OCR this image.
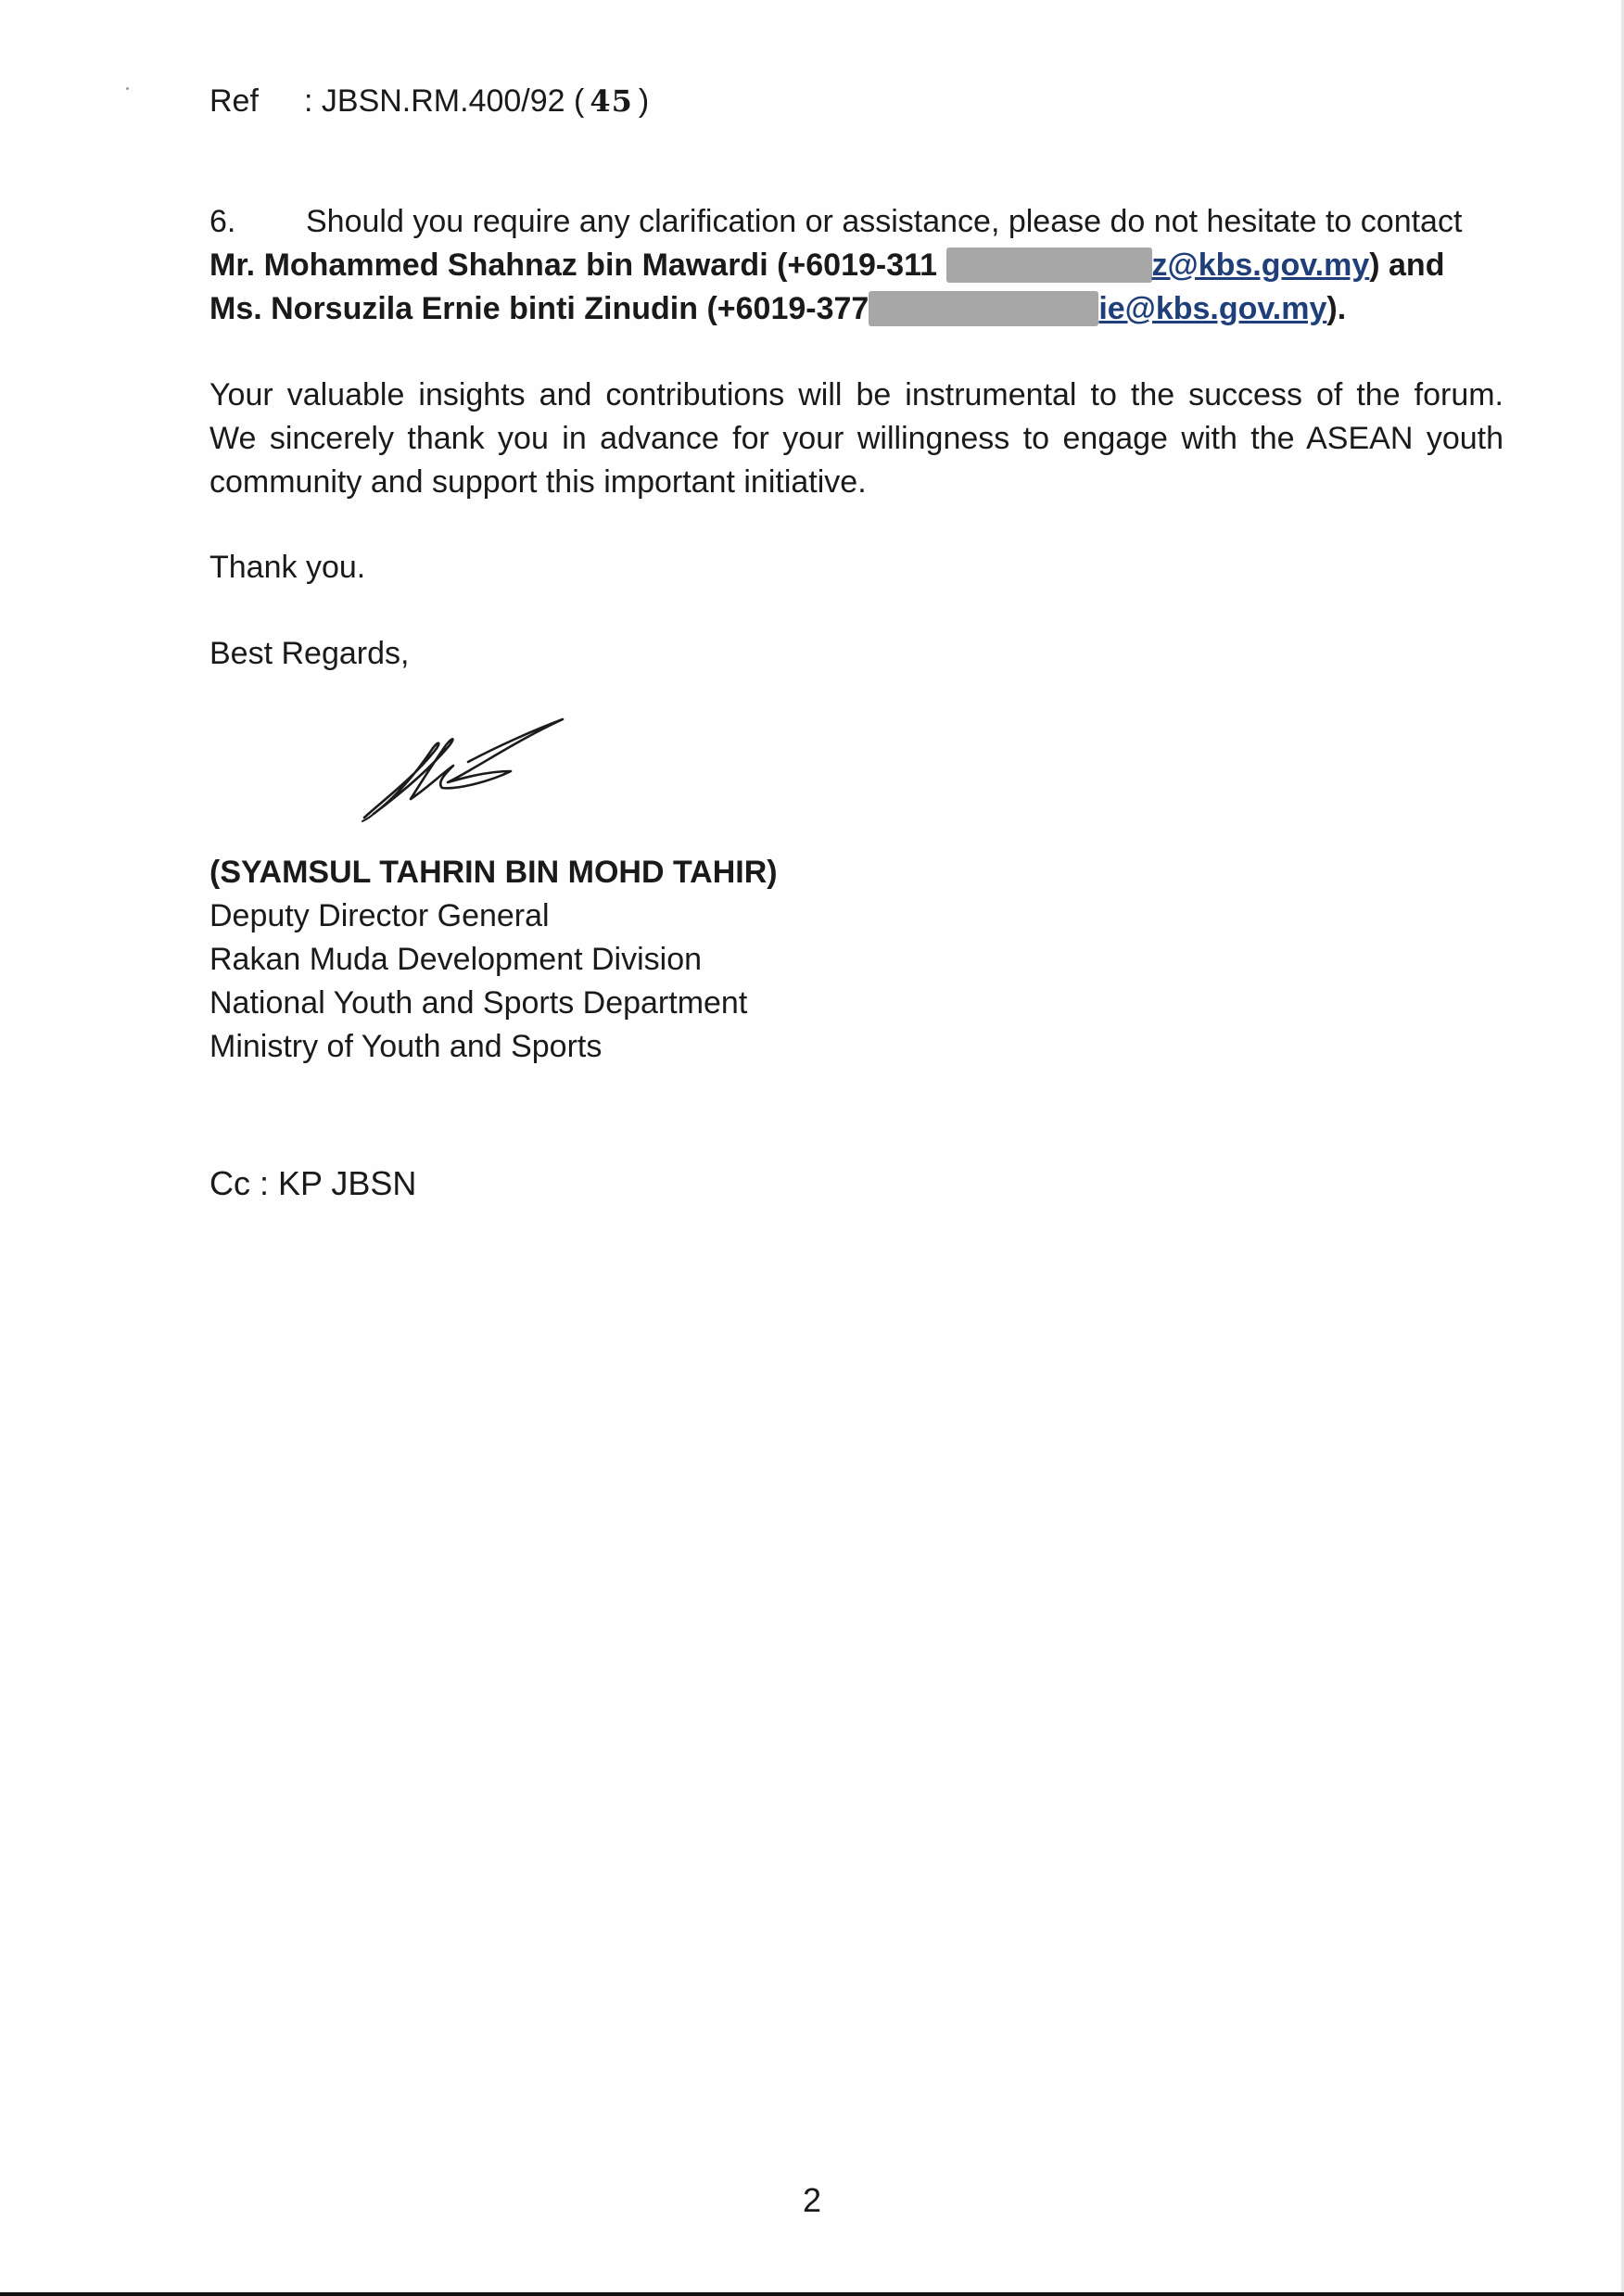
Ref : JBSN.RM.400/92 ( 45 )
6. Should you require any clarification or assistance, please do not hesitate to contact
Mr. Mohammed Shahnaz bin Mawardi (+6019-311	z@kbs.gov.my) and
Ms. Norsuzila Ernie binti Zinudin (+6019-377	ie@kbs.gov.my).
Your valuable insights and contributions will be instrumental to the success of the forum.
We sincerely thank you in advance for your willingness to engage with the ASEAN youth
community and support this important initiative.
Thank you.
Best Regards,
(SYAMSUL TAHRIN BIN MOHD TAHIR)
Deputy Director General
Rakan Muda Development Division
National Youth and Sports Department
Ministry of Youth and Sports
Cc : KP JBSN
2
